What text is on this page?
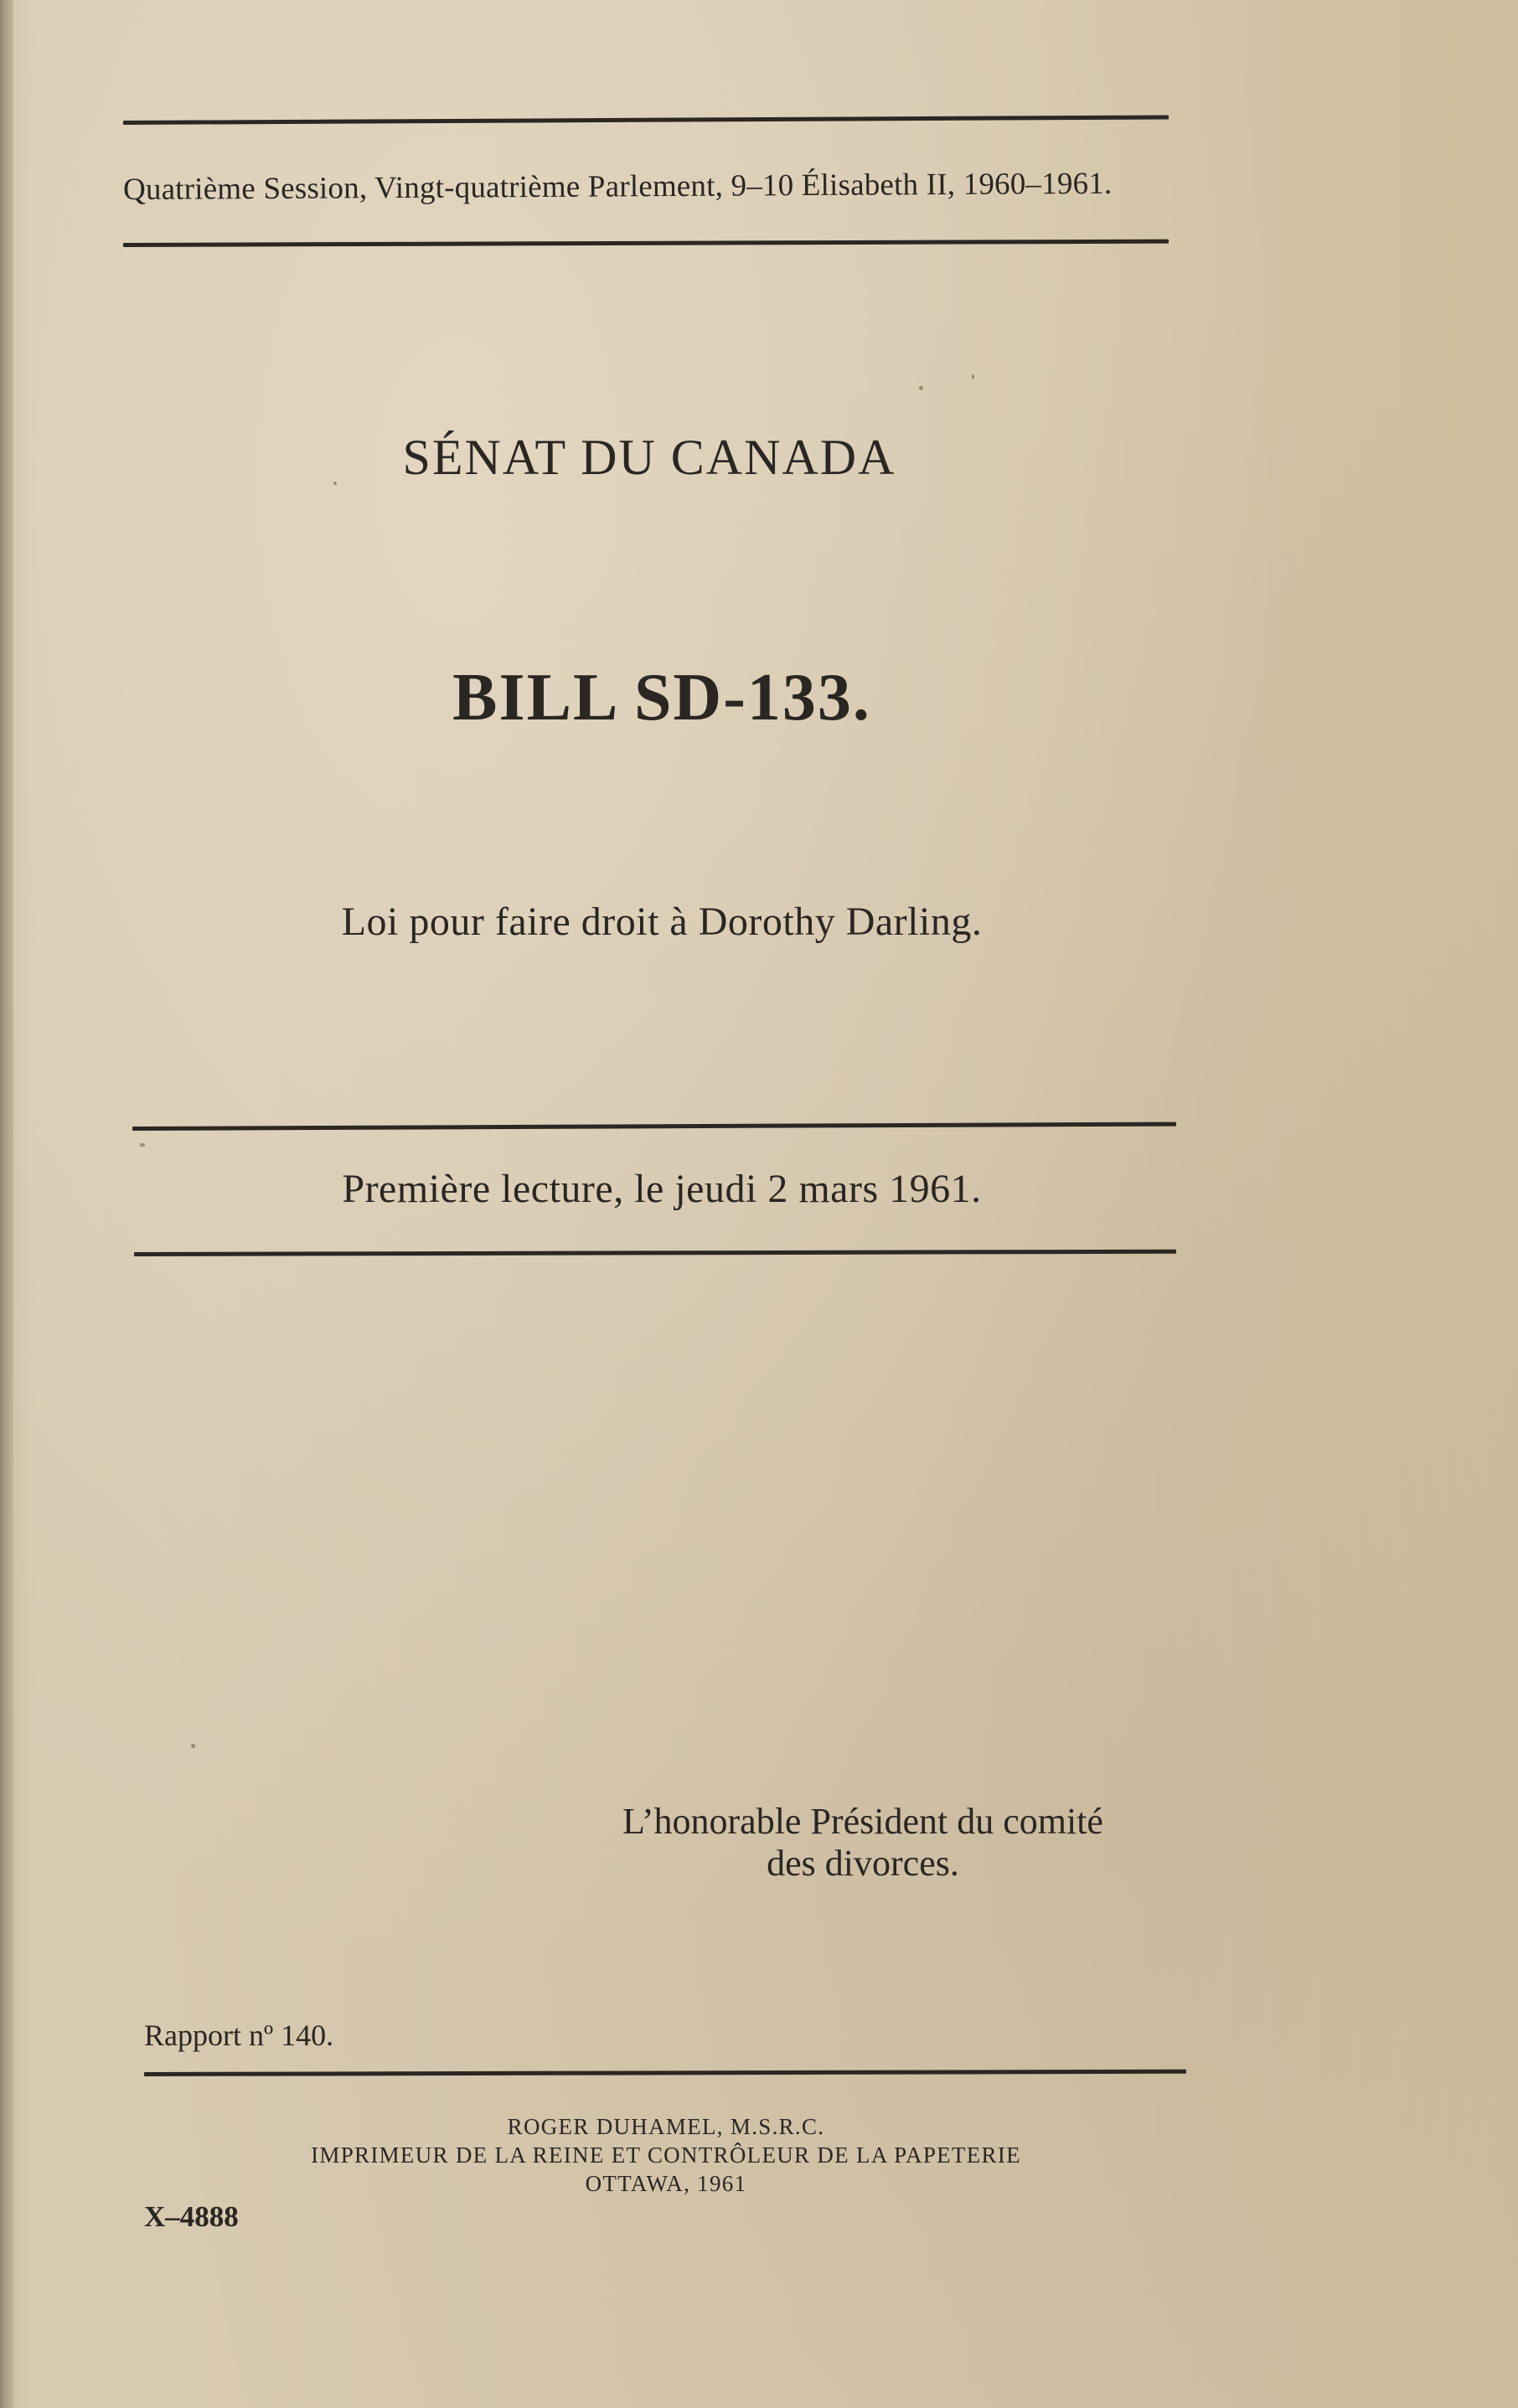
Quatrième Session, Vingt-quatrième Parlement, 9–10 Élisabeth II, 1960–1961.
SÉNAT DU CANADA
BILL SD-133.
Loi pour faire droit à Dorothy Darling.
Première lecture, le jeudi 2 mars 1961.
L’honorable Président du comité
des divorces.
Rapport nº 140.
ROGER DUHAMEL, M.S.R.C.
IMPRIMEUR DE LA REINE ET CONTRÔLEUR DE LA PAPETERIE
OTTAWA, 1961
X–4888
